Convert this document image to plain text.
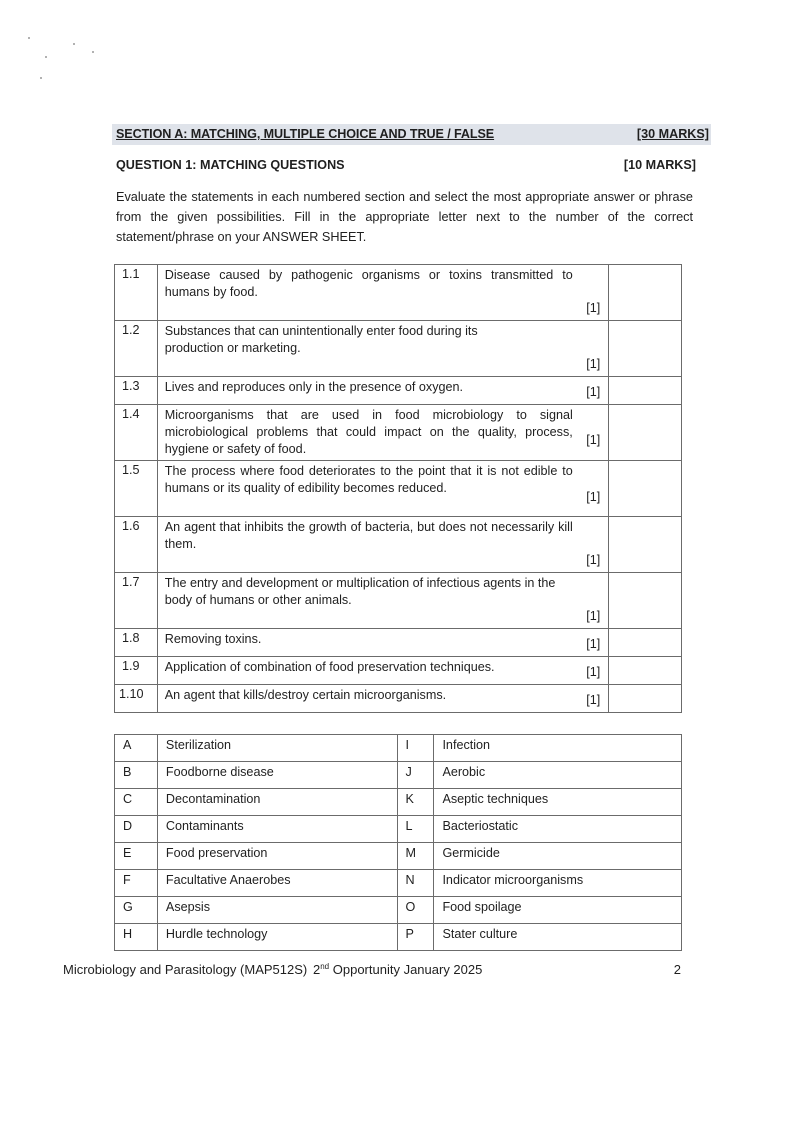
SECTION A: MATCHING, MULTIPLE CHOICE AND TRUE / FALSE	[30 MARKS]
QUESTION 1: MATCHING QUESTIONS	[10 MARKS]
Evaluate the statements in each numbered section and select the most appropriate answer or phrase from the given possibilities. Fill in the appropriate letter next to the number of the correct statement/phrase on your ANSWER SHEET.
1.1	Disease caused by pathogenic organisms or toxins transmitted to humans by food.
[1]	

1.2	Substances that can unintentionally enter food during its production or marketing.
[1]	

1.3	Lives and reproduces only in the presence of oxygen. [1]	

1.4	Microorganisms that are used in food microbiology to signal microbiological problems that could impact on the quality, process, hygiene or safety of food.
[1]	

1.5	The process where food deteriorates to the point that it is not edible to humans or its quality of edibility becomes reduced.
[1]	

1.6	An agent that inhibits the growth of bacteria, but does not necessarily kill them.
[1]	

1.7	The entry and development or multiplication of infectious agents in the body of humans or other animals.
[1]	

1.8	Removing toxins. [1]	

1.9	Application of combination of food preservation techniques. [1]	

1.10	An agent that kills/destroy certain microorganisms. [1]	

A	Sterilization	I	Infection
B	Foodborne disease	J	Aerobic
C	Decontamination	K	Aseptic techniques
D	Contaminants	L	Bacteriostatic
E	Food preservation	M	Germicide
F	Facultative Anaerobes	N	Indicator microorganisms
G	Asepsis	O	Food spoilage
H	Hurdle technology	P	Stater culture
Microbiology and Parasitology (MAP512S) 2nd Opportunity January 2025	2
